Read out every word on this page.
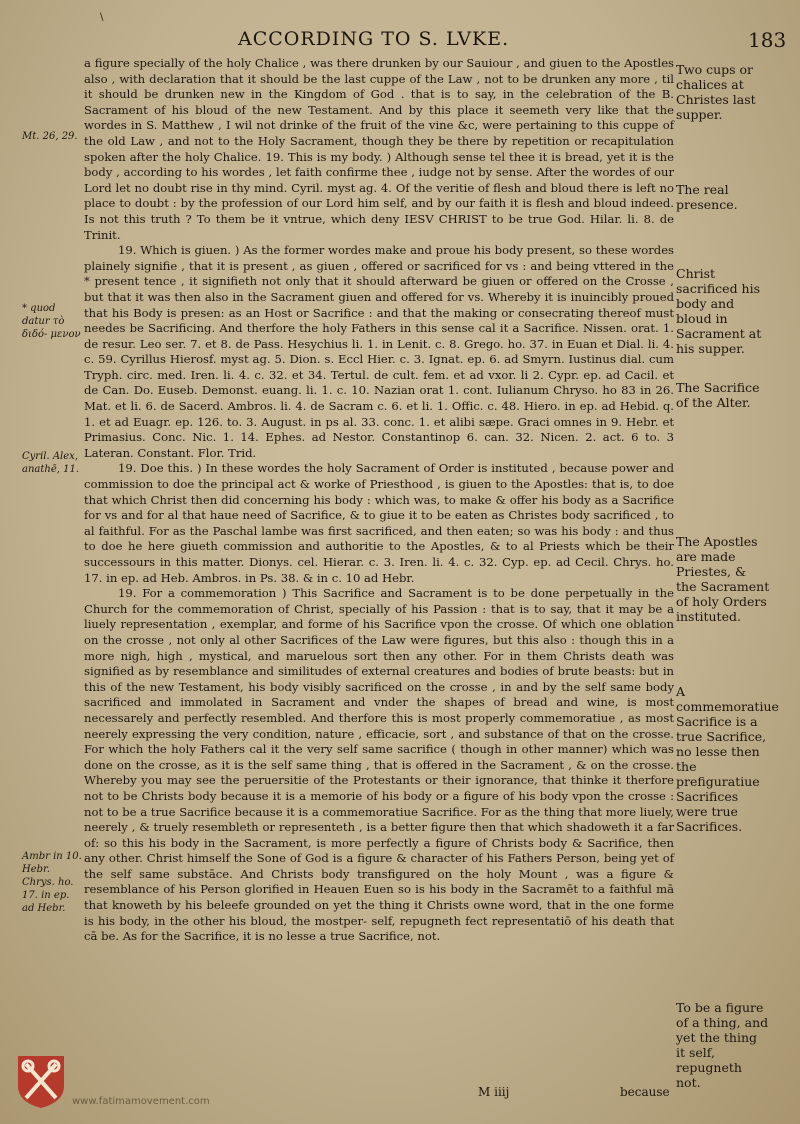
\
ACCORDING TO S. LVKE.	183

a figure specially of the holy Chalice , was there drunken by our Sauiour , and giuen to the Apostles also , with declaration that it should be the last cuppe of the Law , not to be drunken any more , til it should be drunken new in the Kingdom of God . that is to say, in the celebration of the B. Sacrament of his bloud of the new Testament. And by this place it seemeth very like that the wordes in S. Matthew , I wil not drinke of the fruit of the vine &c, were pertaining to this cuppe of the old Law , and not to the Holy Sacrament, though they be there by repetition or recapitulation spoken after the holy Chalice. 19. This is my body. ) Although sense tel thee it is bread, yet it is the body , according to his wordes , let faith confirme thee , iudge not by sense. After the wordes of our Lord let no doubt rise in thy mind. Cyril. myst ag. 4. Of the veritie of flesh and bloud there is left no place to doubt : by the profession of our Lord him self, and by our faith it is flesh and bloud indeed. Is not this truth ? To them be it vntrue, which deny IESV CHRIST to be true God. Hilar. li. 8. de Trinit.

19. Which is giuen. ) As the former wordes make and proue his body present, so these wordes plainely signifie , that it is present , as giuen , offered or sacrificed for vs : and being vttered in the * present tence , it signifieth not only that it should afterward be giuen or offered on the Crosse , but that it was then also in the Sacrament giuen and offered for vs. Whereby it is inuincibly proued that his Body is presen: as an Host or Sacrifice : and that the making or consecrating thereof must needes be Sacrificing. And therfore the holy Fathers in this sense cal it a Sacrifice. Nissen. orat. 1. de resur. Leo ser. 7. et 8. de Pass. Hesychius li. 1. in Lenit. c. 8. Grego. ho. 37. in Euan et Dial. li. 4. c. 59. Cyrillus Hierosf. myst ag. 5. Dion. s. Eccl Hier. c. 3. Ignat. ep. 6. ad Smyrn. Iustinus dial. cum Tryph. circ. med. Iren. li. 4. c. 32. et 34. Tertul. de cult. fem. et ad vxor. li 2. Cypr. ep. ad Cacil. et de Can. Do. Euseb. Demonst. euang. li. 1. c. 10. Nazian orat 1. cont. Iulianum Chryso. ho 83 in 26. Mat. et li. 6. de Sacerd. Ambros. li. 4. de Sacram c. 6. et li. 1. Offic. c. 48. Hiero. in ep. ad Hebid. q. 1. et ad Euagr. ep. 126. to. 3. August. in ps al. 33. conc. 1. et alibi sæpe. Graci omnes in 9. Hebr. et Primasius. Conc. Nic. 1. 14. Ephes. ad Nestor. Constantinop 6. can. 32. Nicen. 2. act. 6 to. 3 Lateran. Constant. Flor. Trid.

19. Doe this. ) In these wordes the holy Sacrament of Order is instituted , because power and commission to doe the principal act & worke of Priesthood , is giuen to the Apostles: that is, to doe that which Christ then did concerning his body : which was, to make & offer his body as a Sacrifice for vs and for al that haue need of Sacrifice, & to giue it to be eaten as Christes body sacrificed , to al faithful. For as the Paschal lambe was first sacrificed, and then eaten; so was his body : and thus to doe he here giueth commission and authoritie to the Apostles, & to al Priests which be their successours in this matter. Dionys. cel. Hierar. c. 3. Iren. li. 4. c. 32. Cyp. ep. ad Cecil. Chrys. ho. 17. in ep. ad Heb. Ambros. in Ps. 38. & in c. 10 ad Hebr.

19. For a commemoration ) This Sacrifice and Sacrament is to be done perpetually in the Church for the commemoration of Christ, specially of his Passion : that is to say, that it may be a liuely representation , exemplar, and forme of his Sacrifice vpon the crosse. Of which one oblation on the crosse , not only al other Sacrifices of the Law were figures, but this also : though this in a more nigh, high , mystical, and maruelous sort then any other. For in them Christs death was signified as by resemblance and similitudes of external creatures and bodies of brute beasts: but in this of the new Testament, his body visibly sacrificed on the crosse , in and by the self same body sacrificed and immolated in Sacrament and vnder the shapes of bread and wine, is most necessarely and perfectly resembled. And therfore this is most properly commemoratiue , as most neerely expressing the very condition, nature , efficacie, sort , and substance of that on the crosse. For which the holy Fathers cal it the very self same sacrifice ( though in other manner) which was done on the crosse, as it is the self same thing , that is offered in the Sacrament , & on the crosse. Whereby you may see the peruersitie of the Protestants or their ignorance, that thinke it therfore not to be Christs body because it is a memorie of his body or a figure of his body vpon the crosse : not to be a true Sacrifice because it is a commemoratiue Sacrifice. For as the thing that more liuely, neerely , & truely resembleth or representeth , is a better figure then that which shadoweth it a far of: so this his body in the Sacrament, is more perfectly a figure of Christs body & Sacrifice, then any other. Christ himself the Sone of God is a figure & character of his Fathers Person, being yet of the self same substāce. And Christs body transfigured on the holy Mount , was a figure & resemblance of his Person glorified in Heauen Euen so is his body in the Sacramēt to a faithful mā that knoweth by his beleefe grounded on yet the thing it Christs owne word, that in the one forme is his body, in the other his bloud, the mostper- self, repugneth fect representatiō of his death that cā be. As for the Sacrifice, it is no lesse a true Sacrifice, not.

Mt. 26, 29.
* quod datur τὸ διδό- μενον
Cyril. Alex, anathē, 11.
Ambr in 10. Hebr. Chrys. ho. 17. in ep. ad Hebr.
Two cups or chalices at Christes last supper.
The real presence.
Christ sacrificed his body and bloud in Sacrament at his supper.
The Sacrifice of the Alter.
The Apostles are made Priestes, & the Sacrament of holy Orders instituted.
A commemoratiue Sacrifice is a true Sacrifice, no lesse then the prefiguratiue Sacrifices were true Sacrifices.
To be a figure of a thing, and yet the thing it self, repugneth not.
M iiij	because
www.fatimamovement.com
